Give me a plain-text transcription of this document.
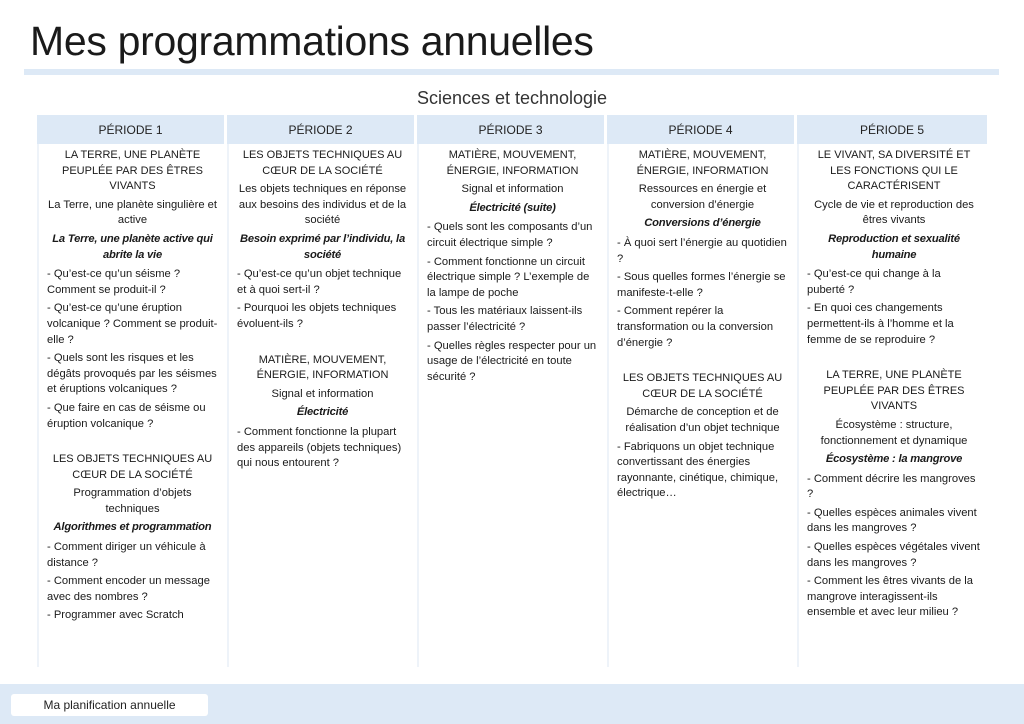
Mes programmations annuelles
Sciences et technologie
PÉRIODE 1
LA TERRE, UNE PLANÈTE PEUPLÉE PAR DES ÊTRES VIVANTS
La Terre, une planète singulière et active
La Terre, une planète active qui abrite la vie
- Qu’est-ce qu’un séisme ? Comment se produit-il ?
- Qu’est-ce qu’une éruption volcanique ? Comment se produit-elle ?
- Quels sont les risques et les dégâts provoqués par les séismes et éruptions volcaniques ?
- Que faire en cas de séisme ou éruption volcanique ?
LES OBJETS TECHNIQUES AU CŒUR DE LA SOCIÉTÉ
Programmation d’objets techniques
Algorithmes et programmation
- Comment diriger un véhicule à distance ?
- Comment encoder un message avec des nombres ?
- Programmer avec Scratch
PÉRIODE 2
LES OBJETS TECHNIQUES AU CŒUR DE LA SOCIÉTÉ
Les objets techniques en réponse aux besoins des individus et de la société
Besoin exprimé par l’individu, la société
- Qu’est-ce qu’un objet technique et à quoi sert-il ?
- Pourquoi les objets techniques évoluent-ils ?
MATIÈRE, MOUVEMENT, ÉNERGIE, INFORMATION
Signal et information
Électricité
- Comment fonctionne la plupart des appareils (objets techniques) qui nous entourent ?
PÉRIODE 3
MATIÈRE, MOUVEMENT, ÉNERGIE, INFORMATION
Signal et information
Électricité (suite)
- Quels sont les composants d’un circuit électrique simple ?
- Comment fonctionne un circuit électrique simple ? L’exemple de la lampe de poche
- Tous les matériaux laissent-ils passer l’électricité ?
- Quelles règles respecter pour un usage de l’électricité en toute sécurité ?
PÉRIODE 4
MATIÈRE, MOUVEMENT, ÉNERGIE, INFORMATION
Ressources en énergie et conversion d’énergie
Conversions d’énergie
- À quoi sert l’énergie au quotidien ?
- Sous quelles formes l’énergie se manifeste-t-elle ?
- Comment repérer la transformation ou la conversion d’énergie ?
LES OBJETS TECHNIQUES AU CŒUR DE LA SOCIÉTÉ
Démarche de conception et de réalisation d’un objet technique
- Fabriquons un objet technique convertissant des énergies rayonnante, cinétique, chimique, électrique…
PÉRIODE 5
LE VIVANT, SA DIVERSITÉ ET LES FONCTIONS QUI LE CARACTÉRISENT
Cycle de vie et reproduction des êtres vivants
Reproduction et sexualité humaine
- Qu’est-ce qui change à la puberté ?
- En quoi ces changements permettent-ils à l’homme et la femme de se reproduire ?
LA TERRE, UNE PLANÈTE PEUPLÉE PAR DES ÊTRES VIVANTS
Écosystème : structure, fonctionnement et dynamique
Écosystème : la mangrove
- Comment décrire les mangroves ?
- Quelles espèces animales vivent dans les mangroves ?
- Quelles espèces végétales vivent dans les mangroves ?
- Comment les êtres vivants de la mangrove interagissent-ils ensemble et avec leur milieu ?
Ma planification annuelle
